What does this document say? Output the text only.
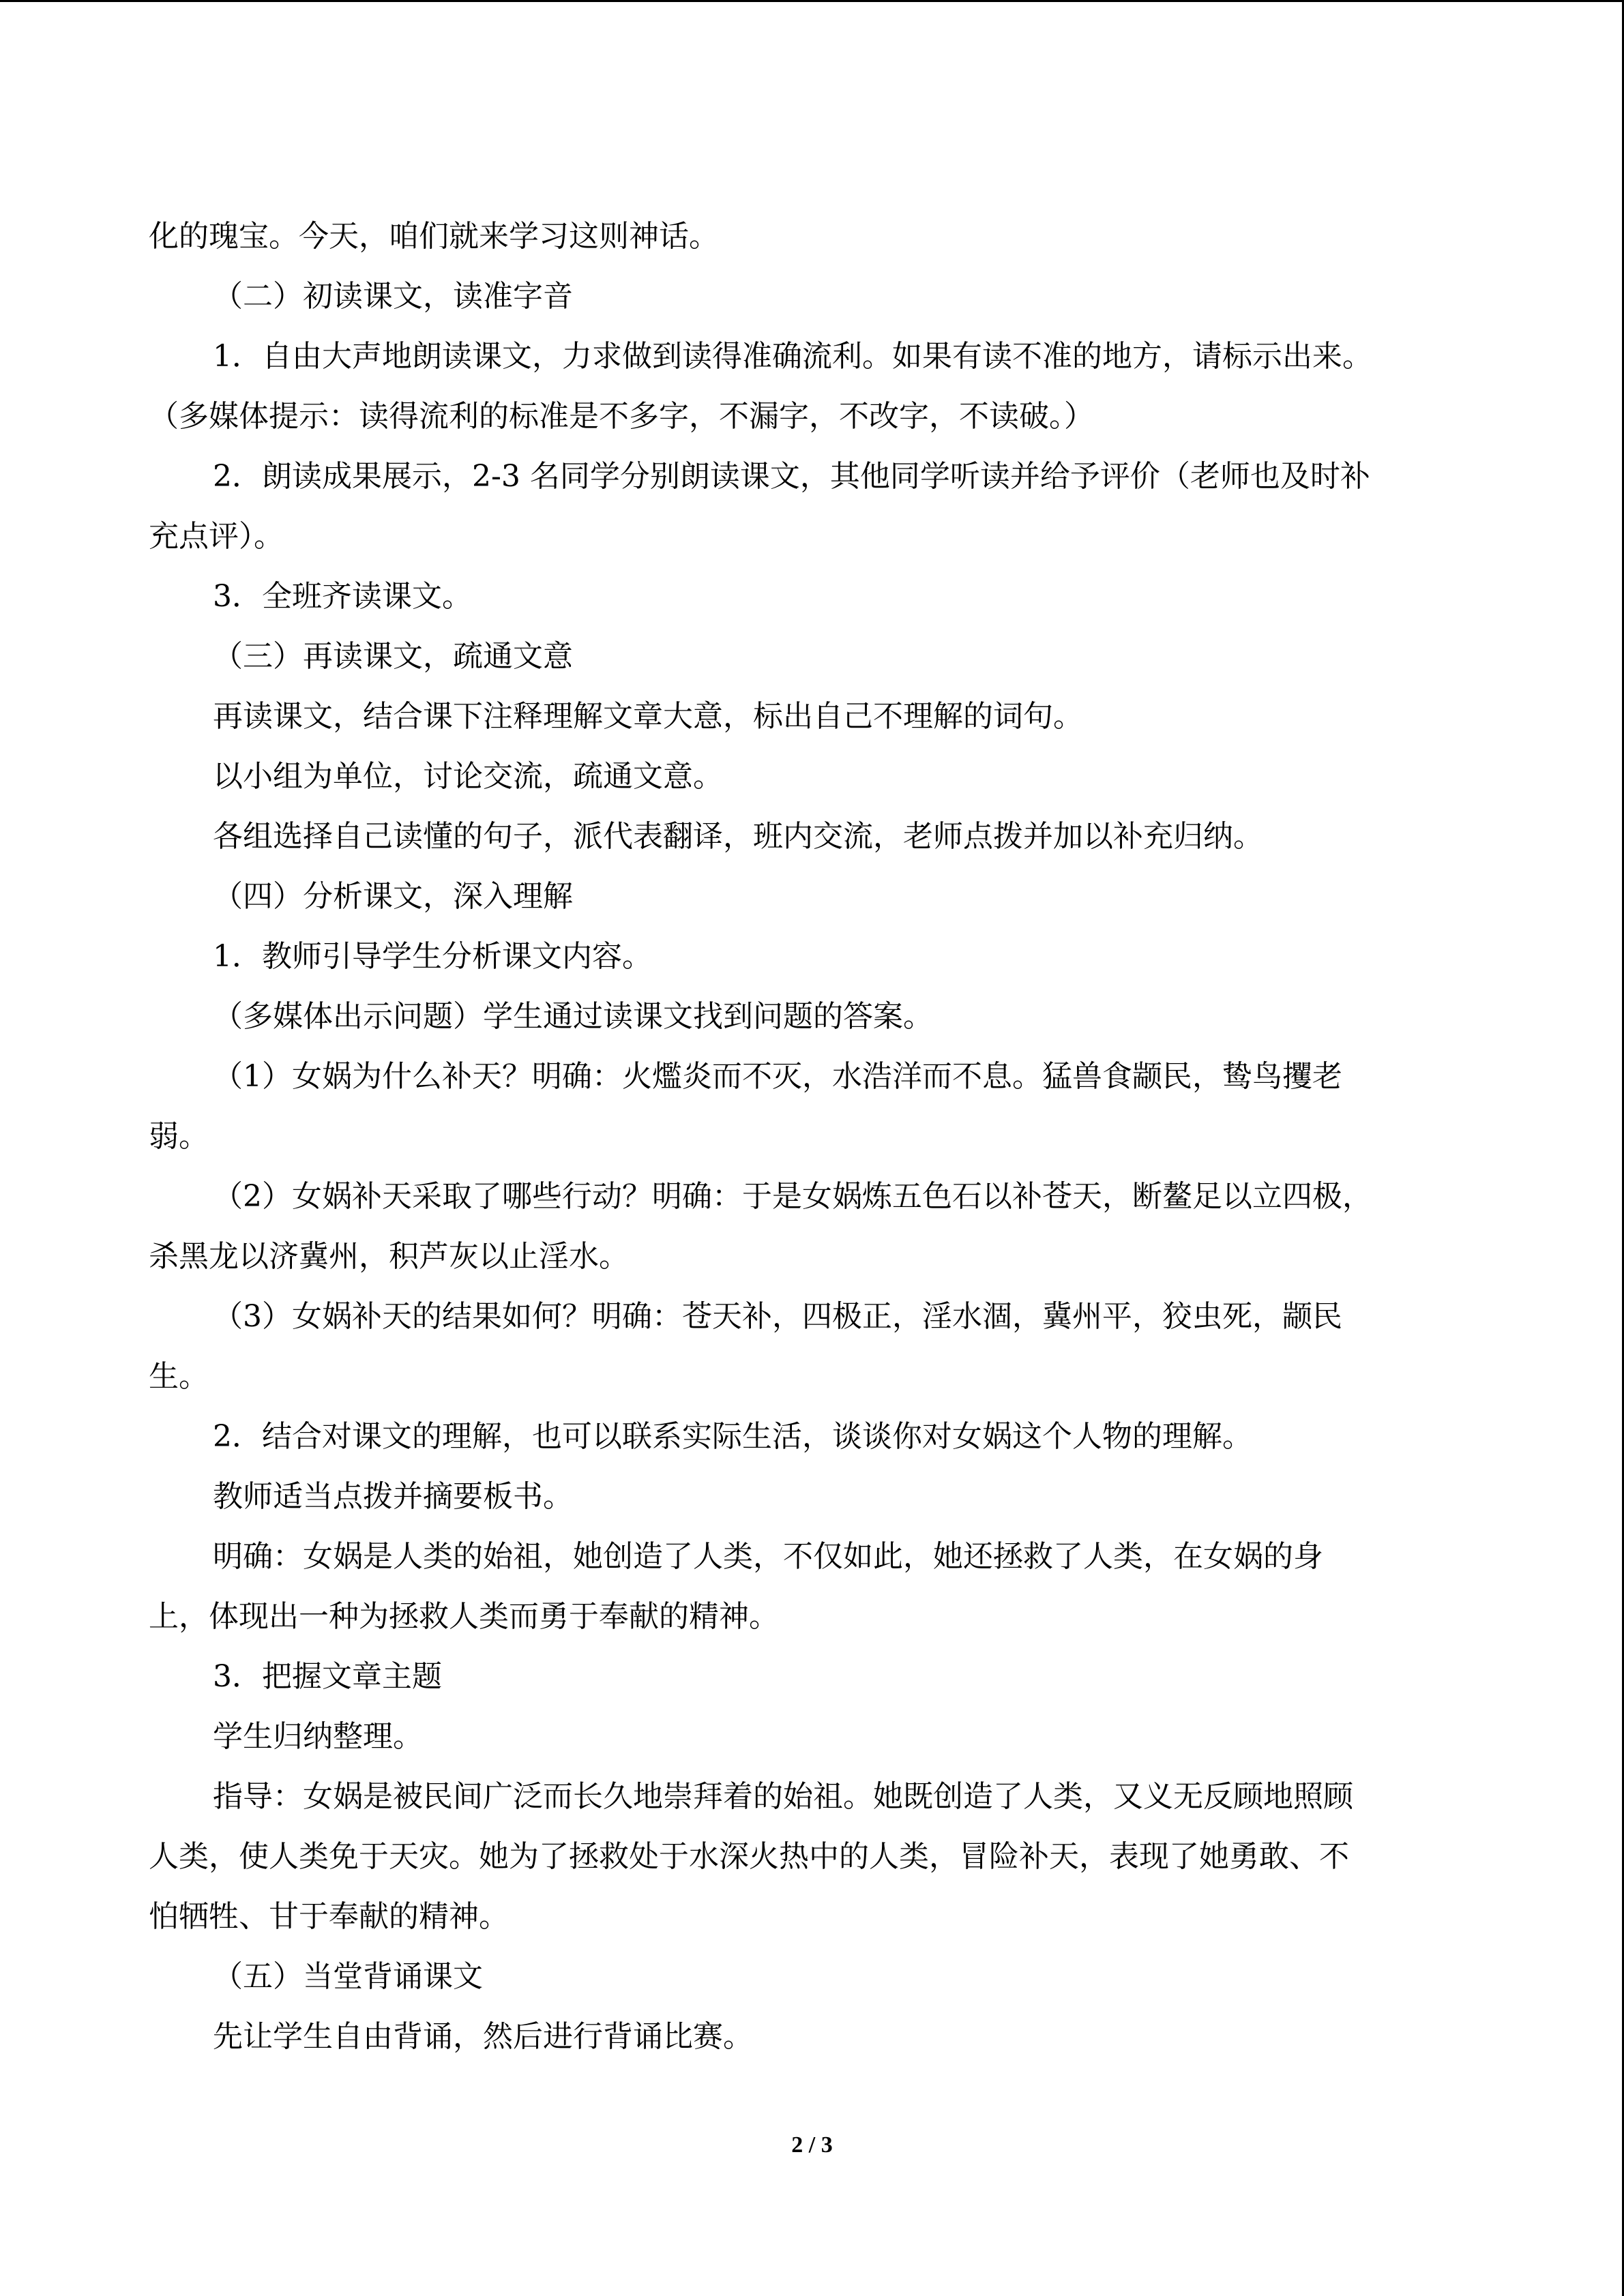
化的瑰宝。今天，咱们就来学习这则神话。
（二）初读课文，读准字音
1．自由大声地朗读课文，力求做到读得准确流利。如果有读不准的地方，请标示出来。
（多媒体提示：读得流利的标准是不多字，不漏字，不改字，不读破。）
2．朗读成果展示，2-3 名同学分别朗读课文，其他同学听读并给予评价（老师也及时补
充点评）。
3．全班齐读课文。
（三）再读课文，疏通文意
再读课文，结合课下注释理解文章大意，标出自己不理解的词句。
以小组为单位，讨论交流，疏通文意。
各组选择自己读懂的句子，派代表翻译，班内交流，老师点拨并加以补充归纳。
（四）分析课文，深入理解
1．教师引导学生分析课文内容。
（多媒体出示问题）学生通过读课文找到问题的答案。
（1）女娲为什么补天？明确：火爁炎而不灭，水浩洋而不息。猛兽食颛民，鸷鸟攫老
弱。
（2）女娲补天采取了哪些行动？明确：于是女娲炼五色石以补苍天，断鳌足以立四极，
杀黑龙以济冀州，积芦灰以止淫水。
（3）女娲补天的结果如何？明确：苍天补，四极正，淫水涸，冀州平，狡虫死，颛民
生。
2．结合对课文的理解，也可以联系实际生活，谈谈你对女娲这个人物的理解。
教师适当点拨并摘要板书。
明确：女娲是人类的始祖，她创造了人类，不仅如此，她还拯救了人类，在女娲的身
上，体现出一种为拯救人类而勇于奉献的精神。
3．把握文章主题
学生归纳整理。
指导：女娲是被民间广泛而长久地崇拜着的始祖。她既创造了人类，又义无反顾地照顾
人类，使人类免于天灾。她为了拯救处于水深火热中的人类，冒险补天，表现了她勇敢、不
怕牺牲、甘于奉献的精神。
（五）当堂背诵课文
先让学生自由背诵，然后进行背诵比赛。
2 / 3
